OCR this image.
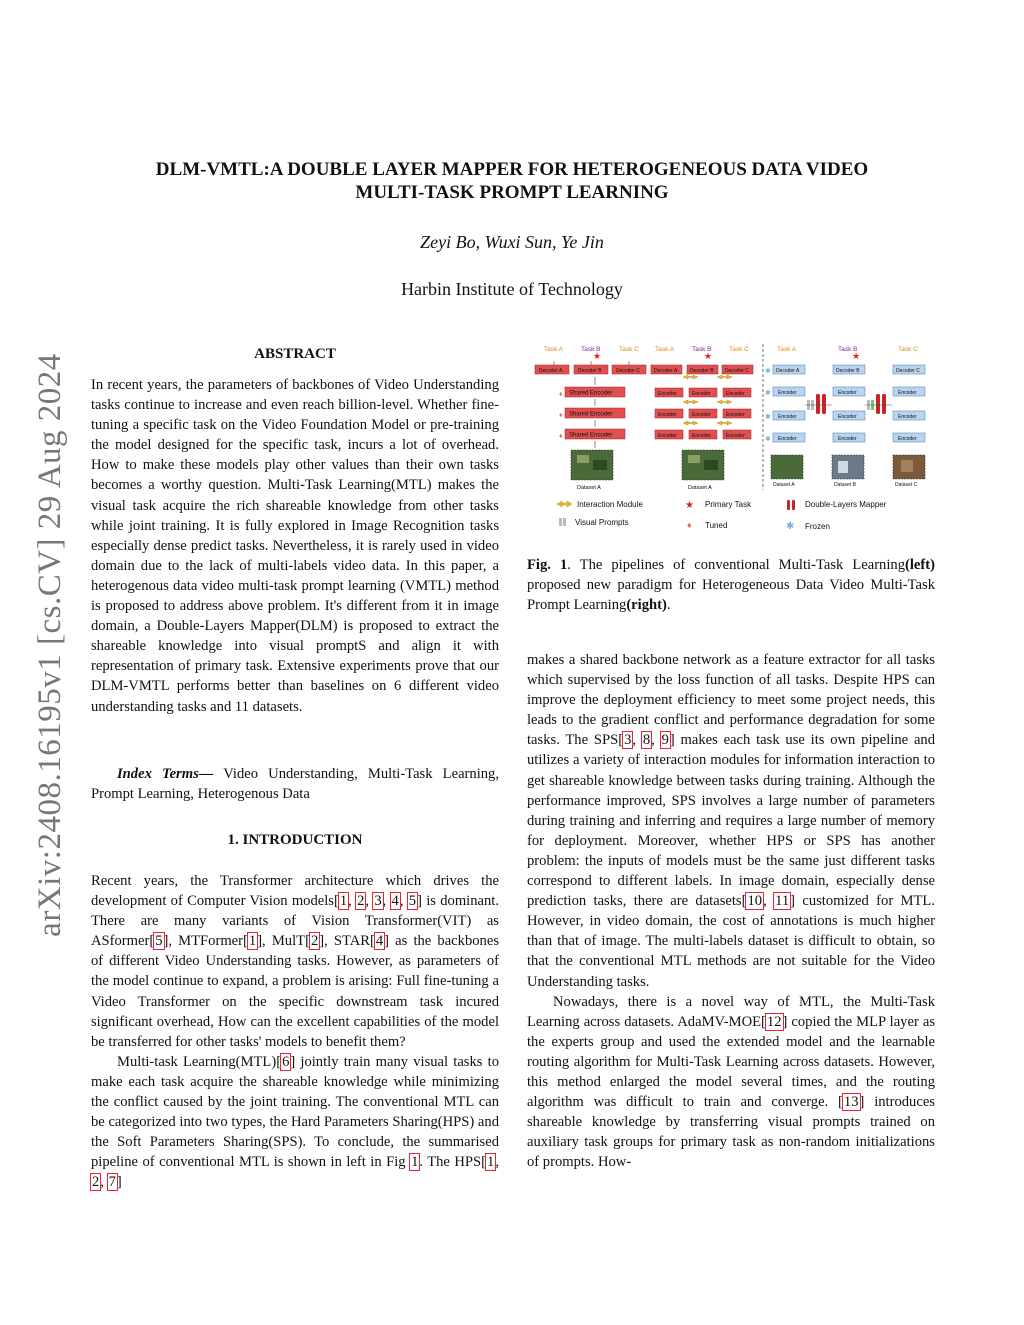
arXiv:2408.16195v1 [cs.CV] 29 Aug 2024
DLM-VMTL:A DOUBLE LAYER MAPPER FOR HETEROGENEOUS DATA VIDEO
MULTI-TASK PROMPT LEARNING
Zeyi Bo, Wuxi Sun, Ye Jin
Harbin Institute of Technology
ABSTRACT

In recent years, the parameters of backbones of Video Understanding tasks continue to increase and even reach billion-level. Whether fine-tuning a specific task on the Video Foundation Model or pre-training the model designed for the specific task, incurs a lot of overhead. How to make these models play other values than their own tasks becomes a worthy question. Multi-Task Learning(MTL) makes the visual task acquire the rich shareable knowledge from other tasks while joint training. It is fully explored in Image Recognition tasks especially dense predict tasks. Nevertheless, it is rarely used in video domain due to the lack of multi-labels video data. In this paper, a heterogenous data video multi-task prompt learning (VMTL) method is proposed to address above problem. It's different from it in image domain, a Double-Layers Mapper(DLM) is proposed to extract the shareable knowledge into visual promptS and align it with representation of primary task. Extensive experiments prove that our DLM-VMTL performs better than baselines on 6 different video understanding tasks and 11 datasets.

Index Terms— Video Understanding, Multi-Task Learning, Prompt Learning, Heterogenous Data
1. INTRODUCTION

Recent years, the Transformer architecture which drives the development of Computer Vision models[1, 2, 3, 4, 5] is dominant. There are many variants of Vision Transformer(VIT) as ASformer[5], MTFormer[1], MulT[2], STAR[4] as the backbones of different Video Understanding tasks. However, as parameters of the model continue to expand, a problem is arising: Full fine-tuning a Video Transformer on the specific downstream task incured significant overhead, How can the excellent capabilities of the model be transferred for other tasks' models to benefit them?

Multi-task Learning(MTL)[6] jointly train many visual tasks to make each task acquire the shareable knowledge while minimizing the conflict caused by the joint training. The conventional MTL can be categorized into two types, the Hard Parameters Sharing(HPS) and the Soft Parameters Sharing(SPS). To conclude, the summarised pipeline of conventional MTL is shown in left in Fig 1. The HPS[1, 2, 7]

Task A	Task B
★
Task C
Decoder A	Decoder B	Decoder C
Shared Encoder
Shared Encoder
Shared Encoder
♦
♦
♦
Dataset A
Task A	Task B
★
Task C
Decoder A	Decoder B Decoder C
Encoder	Encoder	Encoder
Encoder	Encoder	Encoder
Encoder	Encoder	Encoder
Dataset A
Task A	Task B
★
Task C
Decoder A	Decoder B	Decoder C
Encoder	Encoder	Encoder
Encoder	Encoder	Encoder
Encoder	Encoder	Encoder
✱
✱
✱
✱
Dataset A	Dataset B	Dataset C
Interaction Module	★ Primary Task	Double-Layers Mapper
Visual Prompts	♦ Tuned	✱ Frozen
Fig. 1. The pipelines of conventional Multi-Task Learning(left) proposed new paradigm for Heterogeneous Data Video Multi-Task Prompt Learning(right).

makes a shared backbone network as a feature extractor for all tasks which supervised by the loss function of all tasks. Despite HPS can improve the deployment efficiency to meet some project needs, this leads to the gradient conflict and performance degradation for some tasks. The SPS[3, 8, 9] makes each task use its own pipeline and utilizes a variety of interaction modules for information interaction to get shareable knowledge between tasks during training. Although the performance improved, SPS involves a large number of parameters during training and inferring and requires a large number of memory for deployment. Moreover, whether HPS or SPS has another problem: the inputs of models must be the same just different tasks correspond to different labels. In image domain, especially dense prediction tasks, there are datasets[10, 11] customized for MTL. However, in video domain, the cost of annotations is much higher than that of image. The multi-labels dataset is difficult to obtain, so that the conventional MTL methods are not suitable for the Video Understanding tasks.

Nowadays, there is a novel way of MTL, the Multi-Task Learning across datasets. AdaMV-MOE[12] copied the MLP layer as the experts group and used the extended model and the learnable routing algorithm for Multi-Task Learning across datasets. However, this method enlarged the model several times, and the routing algorithm was difficult to train and converge. [13] introduces shareable knowledge by transferring visual prompts trained on auxiliary task groups for primary task as non-random initializations of prompts. How-
